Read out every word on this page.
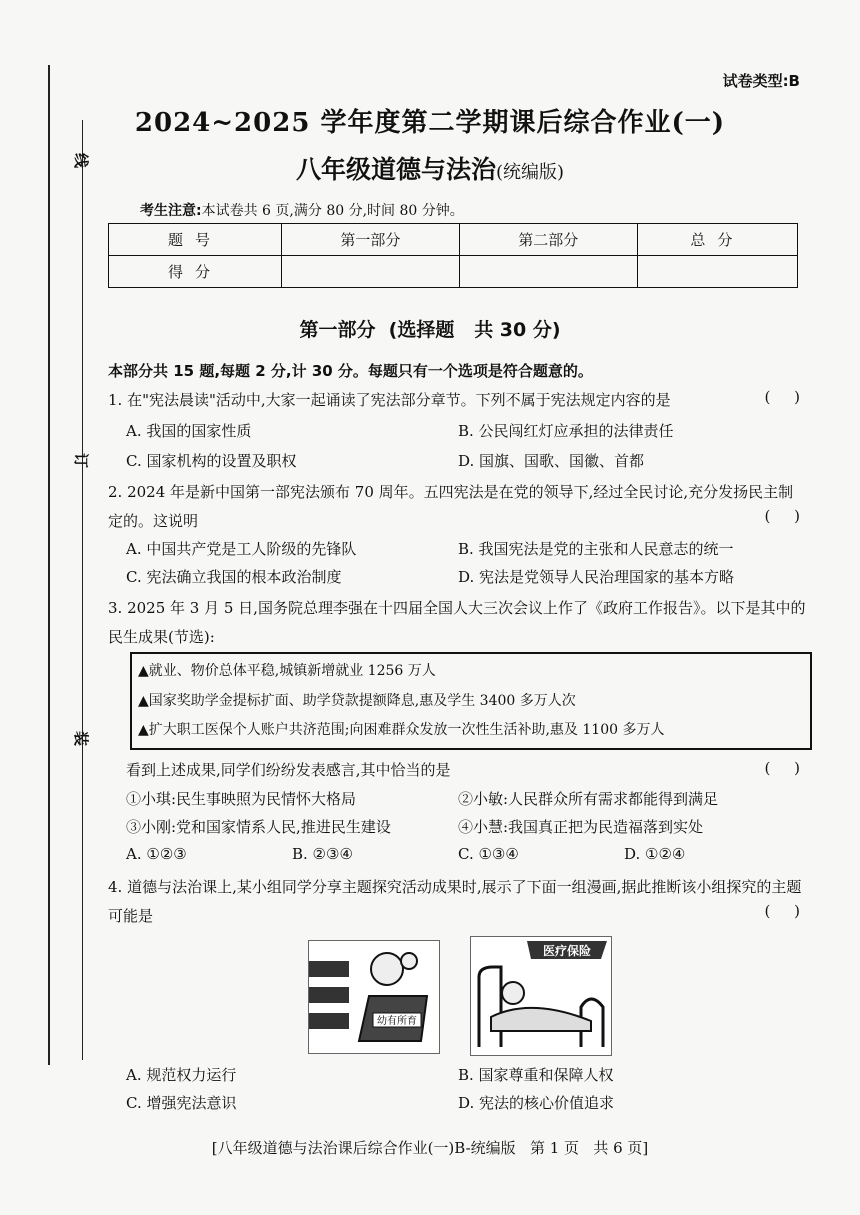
线
订
装
试卷类型:B
2024~2025 学年度第二学期课后综合作业(一)
八年级道德与法治(统编版)
考生注意:本试卷共 6 页,满分 80 分,时间 80 分钟。
题号	第一部分	第二部分	总分
得分			
第一部分  (选择题   共 30 分)
本部分共 15 题,每题 2 分,计 30 分。每题只有一个选项是符合题意的。
1. 在"宪法晨读"活动中,大家一起诵读了宪法部分章节。下列不属于宪法规定内容的是	(     )
A. 我国的国家性质	B. 公民闯红灯应承担的法律责任
C. 国家机构的设置及职权	D. 国旗、国歌、国徽、首都
2. 2024 年是新中国第一部宪法颁布 70 周年。五四宪法是在党的领导下,经过全民讨论,充分发扬民主制定的。这说明	(     )
A. 中国共产党是工人阶级的先锋队	B. 我国宪法是党的主张和人民意志的统一
C. 宪法确立我国的根本政治制度	D. 宪法是党领导人民治理国家的基本方略
3. 2025 年 3 月 5 日,国务院总理李强在十四届全国人大三次会议上作了《政府工作报告》。以下是其中的民生成果(节选):
▲就业、物价总体平稳,城镇新增就业 1256 万人
▲国家奖助学金提标扩面、助学贷款提额降息,惠及学生 3400 多万人次
▲扩大职工医保个人账户共济范围;向困难群众发放一次性生活补助,惠及 1100 多万人
看到上述成果,同学们纷纷发表感言,其中恰当的是	(     )
①小琪:民生事映照为民情怀大格局	②小敏:人民群众所有需求都能得到满足
③小刚:党和国家情系人民,推进民生建设	④小慧:我国真正把为民造福落到实处
A. ①②③	B. ②③④	C. ①③④	D. ①②④
4. 道德与法治课上,某小组同学分享主题探究活动成果时,展示了下面一组漫画,据此推断该小组探究的主题可能是	(     )
幼有所育
医疗保险
A. 规范权力运行	B. 国家尊重和保障人权
C. 增强宪法意识	D. 宪法的核心价值追求
[八年级道德与法治课后综合作业(一)B-统编版   第 1 页   共 6 页]
